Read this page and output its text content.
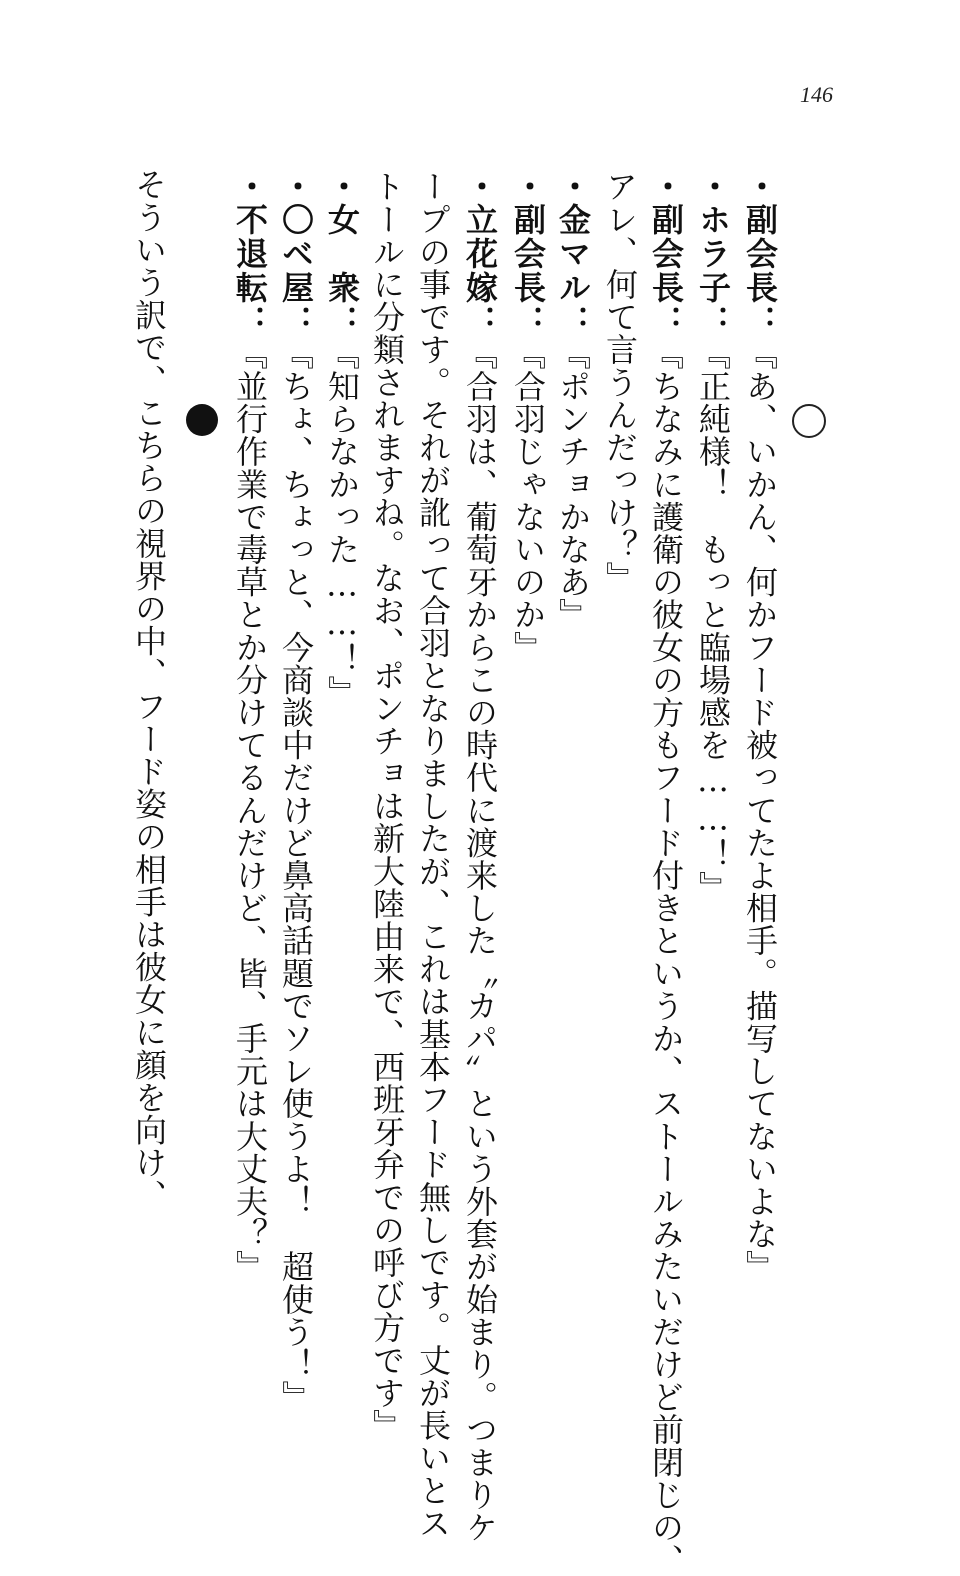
146
・副会長：『あ、いかん、何かフード被ってたよ相手。描写してないよな』
・ホラ子：『正純様！　もっと臨場感を……！』
・副会長：『ちなみに護衛の彼女の方もフード付きというか、ストールみたいだけど前閉じの、
アレ、何て言うんだっけ？』
・金マル：『ポンチョかなあ』
・副会長：『合羽じゃないのか』
・立花嫁：『合羽は、葡萄牙からこの時代に渡来した〝カパ〟という外套が始まり。つまりケ
ープの事です。それが訛って合羽となりましたが、これは基本フード無しです。丈が長いとス
トールに分類されますね。なお、ポンチョは新大陸由来で、西班牙弁での呼び方です』
・女　衆：『知らなかった……！』
・〇ベ屋：『ちょ、ちょっと、今商談中だけど鼻高話題でソレ使うよ！　超使う！』
・不退転：『並行作業で毒草とか分けてるんだけど、皆、手元は大丈夫？』
そういう訳で、こちらの視界の中、フード姿の相手は彼女に顔を向け、
